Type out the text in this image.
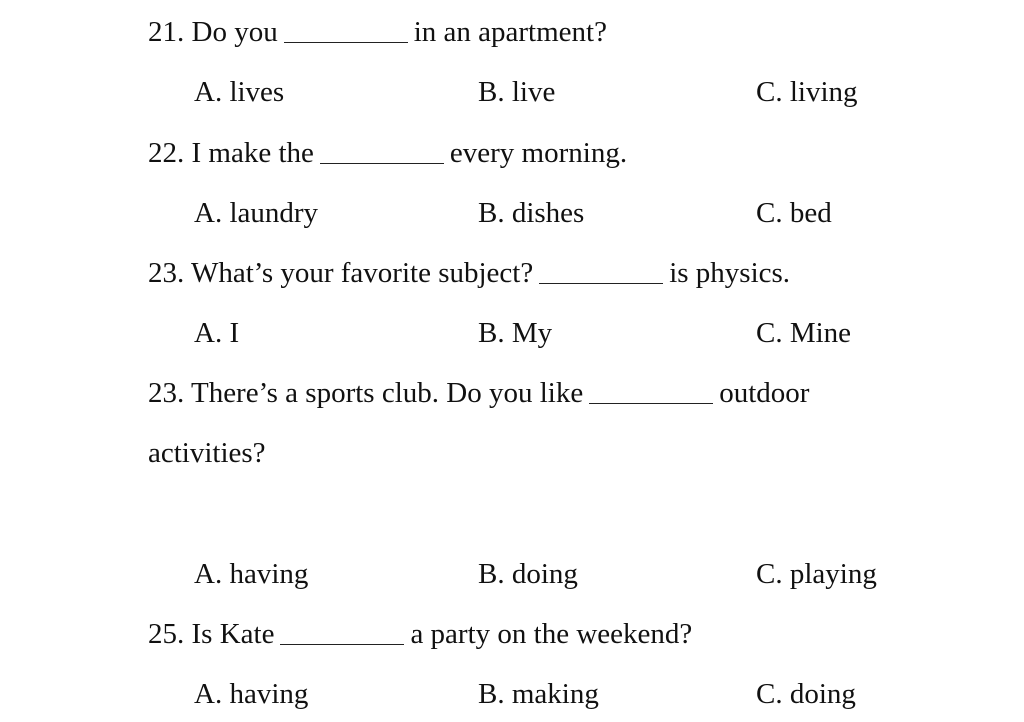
21. Do you	in an apartment?
A. lives	B. live	C. living
22. I make the	every morning.
A. laundry	B. dishes	C. bed
23. What’s your favorite subject?	is physics.
A. I	B. My	C. Mine
23. There’s a sports club. Do you like	outdoor
activities?
A. having	B. doing	C. playing
25. Is Kate	a party on the weekend?
A. having	B. making	C. doing
